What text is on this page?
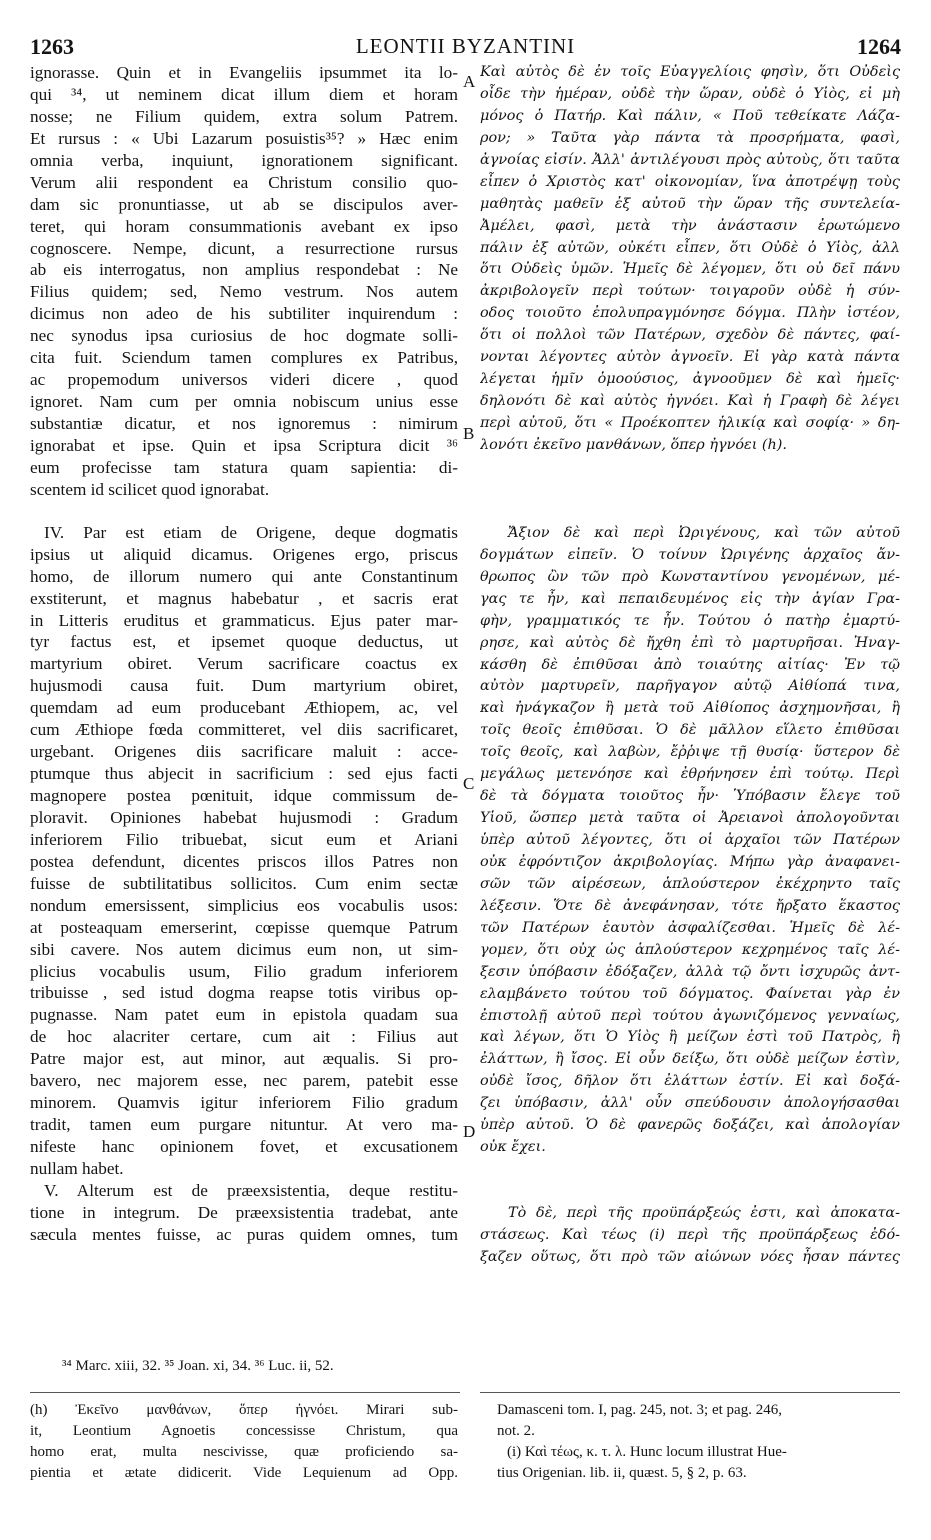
1263	LEONTII BYZANTINI	1264
ignorasse. Quin et in Evangeliis ipsummet ita lo-
qui ³⁴, ut neminem dicat illum diem et horam
nosse; ne Filium quidem, extra solum Patrem.
Et rursus : « Ubi Lazarum posuistis³⁵? » Hæc enim
omnia verba, inquiunt, ignorationem significant.
Verum alii respondent ea Christum consilio quo-
dam sic pronuntiasse, ut ab se discipulos aver-
teret, qui horam consummationis avebant ex ipso
cognoscere. Nempe, dicunt, a resurrectione rursus
ab eis interrogatus, non amplius respondebat : Ne
Filius quidem; sed, Nemo vestrum. Nos autem
dicimus non adeo de his subtiliter inquirendum :
nec synodus ipsa curiosius de hoc dogmate solli-
cita fuit. Sciendum tamen complures ex Patribus,
ac propemodum universos videri dicere , quod
ignoret. Nam cum per omnia nobiscum unius esse
substantiæ dicatur, et nos ignoremus : nimirum
ignorabat et ipse. Quin et ipsa Scriptura dicit ³⁶
eum profecisse tam statura quam sapientia: di-
scentem id scilicet quod ignorabat.
IV. Par est etiam de Origene, deque dogmatis
ipsius ut aliquid dicamus. Origenes ergo, priscus
homo, de illorum numero qui ante Constantinum
exstiterunt, et magnus habebatur , et sacris erat
in Litteris eruditus et grammaticus. Ejus pater mar-
tyr factus est, et ipsemet quoque deductus, ut
martyrium obiret. Verum sacrificare coactus ex
hujusmodi causa fuit. Dum martyrium obiret,
quemdam ad eum producebant Æthiopem, ac, vel
cum Æthiope fœda committeret, vel diis sacrificaret,
urgebant. Origenes diis sacrificare maluit : acce-
ptumque thus abjecit in sacrificium : sed ejus facti
magnopere postea pœnituit, idque commissum de-
ploravit. Opiniones habebat hujusmodi : Gradum
inferiorem Filio tribuebat, sicut eum et Ariani
postea defendunt, dicentes priscos illos Patres non
fuisse de subtilitatibus sollicitos. Cum enim sectæ
nondum emersissent, simplicius eos vocabulis usos:
at posteaquam emerserint, cœpisse quemque Patrum
sibi cavere. Nos autem dicimus eum non, ut sim-
plicius vocabulis usum, Filio gradum inferiorem
tribuisse , sed istud dogma reapse totis viribus op-
pugnasse. Nam patet eum in epistola quadam sua
de hoc alacriter certare, cum ait : Filius aut
Patre major est, aut minor, aut æqualis. Si pro-
bavero, nec majorem esse, nec parem, patebit esse
minorem. Quamvis igitur inferiorem Filio gradum
tradit, tamen eum purgare nituntur. At vero ma-
nifeste hanc opinionem fovet, et excusationem
nullam habet.
V. Alterum est de præexsistentia, deque restitu-
tione in integrum. De præexsistentia tradebat, ante
sæcula mentes fuisse, ac puras quidem omnes, tum
Καὶ αὐτὸς δὲ ἐν τοῖς Εὐαγγελίοις φησὶν, ὅτι Οὐδεὶς
οἶδε τὴν ἡμέραν, οὐδὲ τὴν ὥραν, οὐδὲ ὁ Υἱὸς, εἰ μὴ
μόνος ὁ Πατήρ. Καὶ πάλιν, « Ποῦ τεθείκατε Λάζα-
ρον; » Ταῦτα γὰρ πάντα τὰ προσρήματα, φασὶ,
ἀγνοίας εἰσίν. Ἀλλ' ἀντιλέγουσι πρὸς αὐτοὺς, ὅτι ταῦτα
εἶπεν ὁ Χριστὸς κατ' οἰκονομίαν, ἵνα ἀποτρέψῃ τοὺς
μαθητὰς μαθεῖν ἐξ αὐτοῦ τὴν ὥραν τῆς συντελεία-
Ἀμέλει, φασὶ, μετὰ τὴν ἀνάστασιν ἐρωτώμενο
πάλιν ἐξ αὐτῶν, οὐκέτι εἶπεν, ὅτι Οὐδὲ ὁ Υἱὸς, ἀλλ
ὅτι Οὐδεὶς ὑμῶν. Ἡμεῖς δὲ λέγομεν, ὅτι οὐ δεῖ πάνυ
ἀκριβολογεῖν περὶ τούτων· τοιγαροῦν οὐδὲ ἡ σύν-
οδος τοιοῦτο ἐπολυπραγμόνησε δόγμα. Πλὴν ἰστέον,
ὅτι οἱ πολλοὶ τῶν Πατέρων, σχεδὸν δὲ πάντες, φαί-
νονται λέγοντες αὐτὸν ἀγνοεῖν. Εἰ γὰρ κατὰ πάντα
λέγεται ἡμῖν ὁμοούσιος, ἀγνοοῦμεν δὲ καὶ ἡμεῖς·
δηλονότι δὲ καὶ αὐτὸς ἠγνόει. Καὶ ἡ Γραφὴ δὲ λέγει
περὶ αὐτοῦ, ὅτι « Προέκοπτεν ἡλικίᾳ καὶ σοφίᾳ· » δη-
λονότι ἐκεῖνο μανθάνων, ὅπερ ἠγνόει (h).
Ἄξιον δὲ καὶ περὶ Ὠριγένους, καὶ τῶν αὐτοῦ
δογμάτων εἰπεῖν. Ὁ τοίνυν Ὠριγένης ἀρχαῖος ἄν-
θρωπος ὢν τῶν πρὸ Κωνσταντίνου γενομένων, μέ-
γας τε ἦν, καὶ πεπαιδευμένος εἰς τὴν ἁγίαν Γρα-
φὴν, γραμματικός τε ἦν. Τούτου ὁ πατὴρ ἐμαρτύ-
ρησε, καὶ αὐτὸς δὲ ἤχθη ἐπὶ τὸ μαρτυρῆσαι. Ἠναγ-
κάσθη δὲ ἐπιθῦσαι ἀπὸ τοιαύτης αἰτίας· Ἐν τῷ
αὐτὸν μαρτυρεῖν, παρῆγαγον αὐτῷ Αἰθίοπά τινα,
καὶ ἠνάγκαζον ἢ μετὰ τοῦ Αἰθίοπος ἀσχημονῆσαι, ἢ
τοῖς θεοῖς ἐπιθῦσαι. Ὁ δὲ μᾶλλον εἵλετο ἐπιθῦσαι
τοῖς θεοῖς, καὶ λαβὼν, ἔῤῥιψε τῇ θυσίᾳ· ὕστερον δὲ
μεγάλως μετενόησε καὶ ἐθρήνησεν ἐπὶ τούτῳ. Περὶ
δὲ τὰ δόγματα τοιοῦτος ἦν· Ὑπόβασιν ἔλεγε τοῦ
Υἱοῦ, ὥσπερ μετὰ ταῦτα οἱ Ἀρειανοὶ ἀπολογοῦνται
ὑπὲρ αὐτοῦ λέγοντες, ὅτι οἱ ἀρχαῖοι τῶν Πατέρων
οὐκ ἐφρόντιζον ἀκριβολογίας. Μήπω γὰρ ἀναφανει-
σῶν τῶν αἱρέσεων, ἁπλούστερον ἐκέχρηντο ταῖς
λέξεσιν. Ὅτε δὲ ἀνεφάνησαν, τότε ἤρξατο ἕκαστος
τῶν Πατέρων ἑαυτὸν ἀσφαλίζεσθαι. Ἡμεῖς δὲ λέ-
γομεν, ὅτι οὐχ ὡς ἁπλούστερον κεχρημένος ταῖς λέ-
ξεσιν ὑπόβασιν ἐδόξαζεν, ἀλλὰ τῷ ὄντι ἰσχυρῶς ἀντ-
ελαμβάνετο τούτου τοῦ δόγματος. Φαίνεται γὰρ ἐν
ἐπιστολῇ αὐτοῦ περὶ τούτου ἀγωνιζόμενος γενναίως,
καὶ λέγων, ὅτι Ὁ Υἱὸς ἢ μείζων ἐστὶ τοῦ Πατρὸς, ἢ
ἐλάττων, ἢ ἴσος. Εἰ οὖν δείξω, ὅτι οὐδὲ μείζων ἐστὶν,
οὐδὲ ἴσος, δῆλον ὅτι ἐλάττων ἐστίν. Εἰ καὶ δοξά-
ζει ὑπόβασιν, ἀλλ' οὖν σπεύδουσιν ἀπολογήσασθαι
ὑπὲρ αὐτοῦ. Ὁ δὲ φανερῶς δοξάζει, καὶ ἀπολογίαν
οὐκ ἔχει.
Τὸ δὲ, περὶ τῆς προϋπάρξεώς ἐστι, καὶ ἀποκατα-
στάσεως. Καὶ τέως (i) περὶ τῆς προϋπάρξεως ἐδό-
ξαζεν οὕτως, ὅτι πρὸ τῶν αἰώνων νόες ἦσαν πάντες
A
B
C
D
³⁴ Marc. xiii, 32. ³⁵ Joan. xi, 34. ³⁶ Luc. ii, 52.
(h) Ἐκεῖνο μανθάνων, ὅπερ ἠγνόει. Mirari sub-
it, Leontium Agnoetis concessisse Christum, qua
homo erat, multa nescivisse, quæ proficiendo sa-
pientia et ætate didicerit. Vide Lequienum ad Opp.
Damasceni tom. I, pag. 245, not. 3; et pag. 246,
not. 2.
(i) Καὶ τέως, κ. τ. λ. Hunc locum illustrat Hue-
tius Origenian. lib. ii, quæst. 5, § 2, p. 63.
